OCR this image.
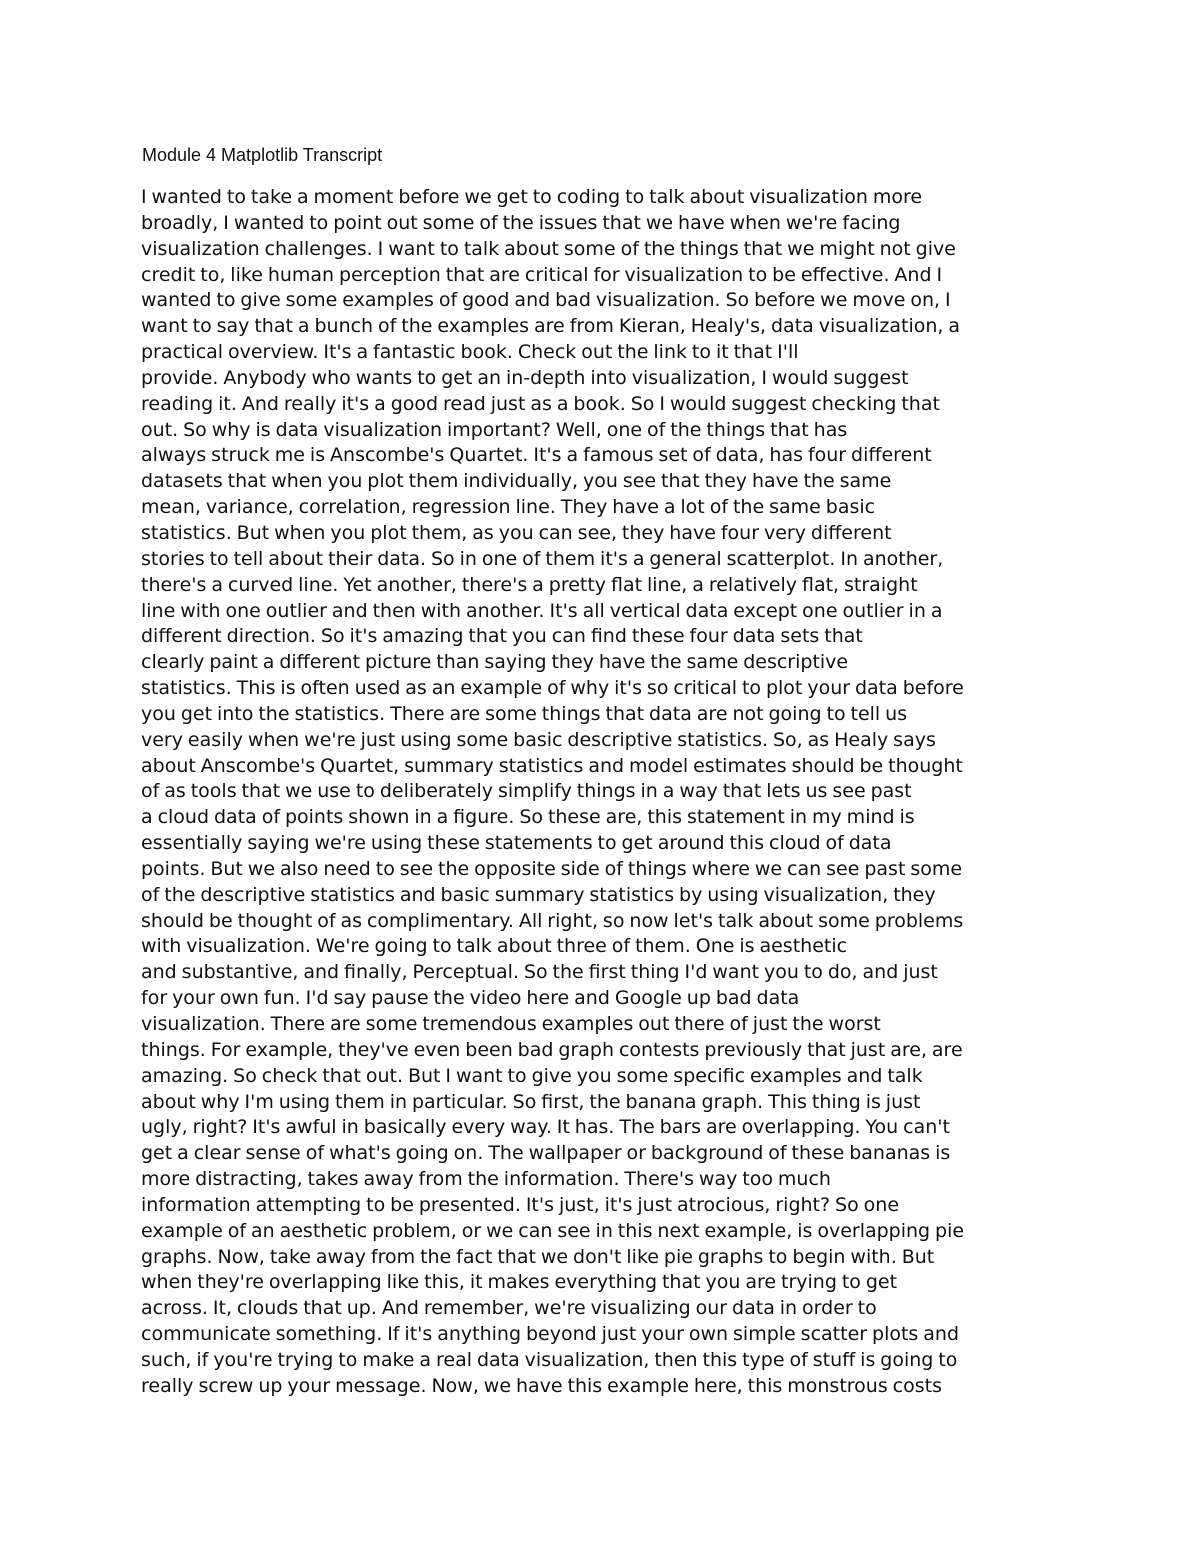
Module 4 Matplotlib Transcript
I wanted to take a moment before we get to coding to talk about visualization more
broadly, I wanted to point out some of the issues that we have when we're facing
visualization challenges. I want to talk about some of the things that we might not give
credit to, like human perception that are critical for visualization to be effective. And I
wanted to give some examples of good and bad visualization. So before we move on, I
want to say that a bunch of the examples are from Kieran, Healy's, data visualization, a
practical overview. It's a fantastic book. Check out the link to it that I'll
provide. Anybody who wants to get an in-depth into visualization, I would suggest
reading it. And really it's a good read just as a book. So I would suggest checking that
out. So why is data visualization important? Well, one of the things that has
always struck me is Anscombe's Quartet. It's a famous set of data, has four different
datasets that when you plot them individually, you see that they have the same
mean, variance, correlation, regression line. They have a lot of the same basic
statistics. But when you plot them, as you can see, they have four very different
stories to tell about their data. So in one of them it's a general scatterplot. In another,
there's a curved line. Yet another, there's a pretty flat line, a relatively flat, straight
line with one outlier and then with another. It's all vertical data except one outlier in a
different direction. So it's amazing that you can find these four data sets that
clearly paint a different picture than saying they have the same descriptive
statistics. This is often used as an example of why it's so critical to plot your data before
you get into the statistics. There are some things that data are not going to tell us
very easily when we're just using some basic descriptive statistics. So, as Healy says
about Anscombe's Quartet, summary statistics and model estimates should be thought
of as tools that we use to deliberately simplify things in a way that lets us see past
a cloud data of points shown in a figure. So these are, this statement in my mind is
essentially saying we're using these statements to get around this cloud of data
points. But we also need to see the opposite side of things where we can see past some
of the descriptive statistics and basic summary statistics by using visualization, they
should be thought of as complimentary. All right, so now let's talk about some problems
with visualization. We're going to talk about three of them. One is aesthetic
and substantive, and finally, Perceptual. So the first thing I'd want you to do, and just
for your own fun. I'd say pause the video here and Google up bad data
visualization. There are some tremendous examples out there of just the worst
things. For example, they've even been bad graph contests previously that just are, are
amazing. So check that out. But I want to give you some specific examples and talk
about why I'm using them in particular. So first, the banana graph. This thing is just
ugly, right? It's awful in basically every way. It has. The bars are overlapping. You can't
get a clear sense of what's going on. The wallpaper or background of these bananas is
more distracting, takes away from the information. There's way too much
information attempting to be presented. It's just, it's just atrocious, right? So one
example of an aesthetic problem, or we can see in this next example, is overlapping pie
graphs. Now, take away from the fact that we don't like pie graphs to begin with. But
when they're overlapping like this, it makes everything that you are trying to get
across. It, clouds that up. And remember, we're visualizing our data in order to
communicate something. If it's anything beyond just your own simple scatter plots and
such, if you're trying to make a real data visualization, then this type of stuff is going to
really screw up your message. Now, we have this example here, this monstrous costs
